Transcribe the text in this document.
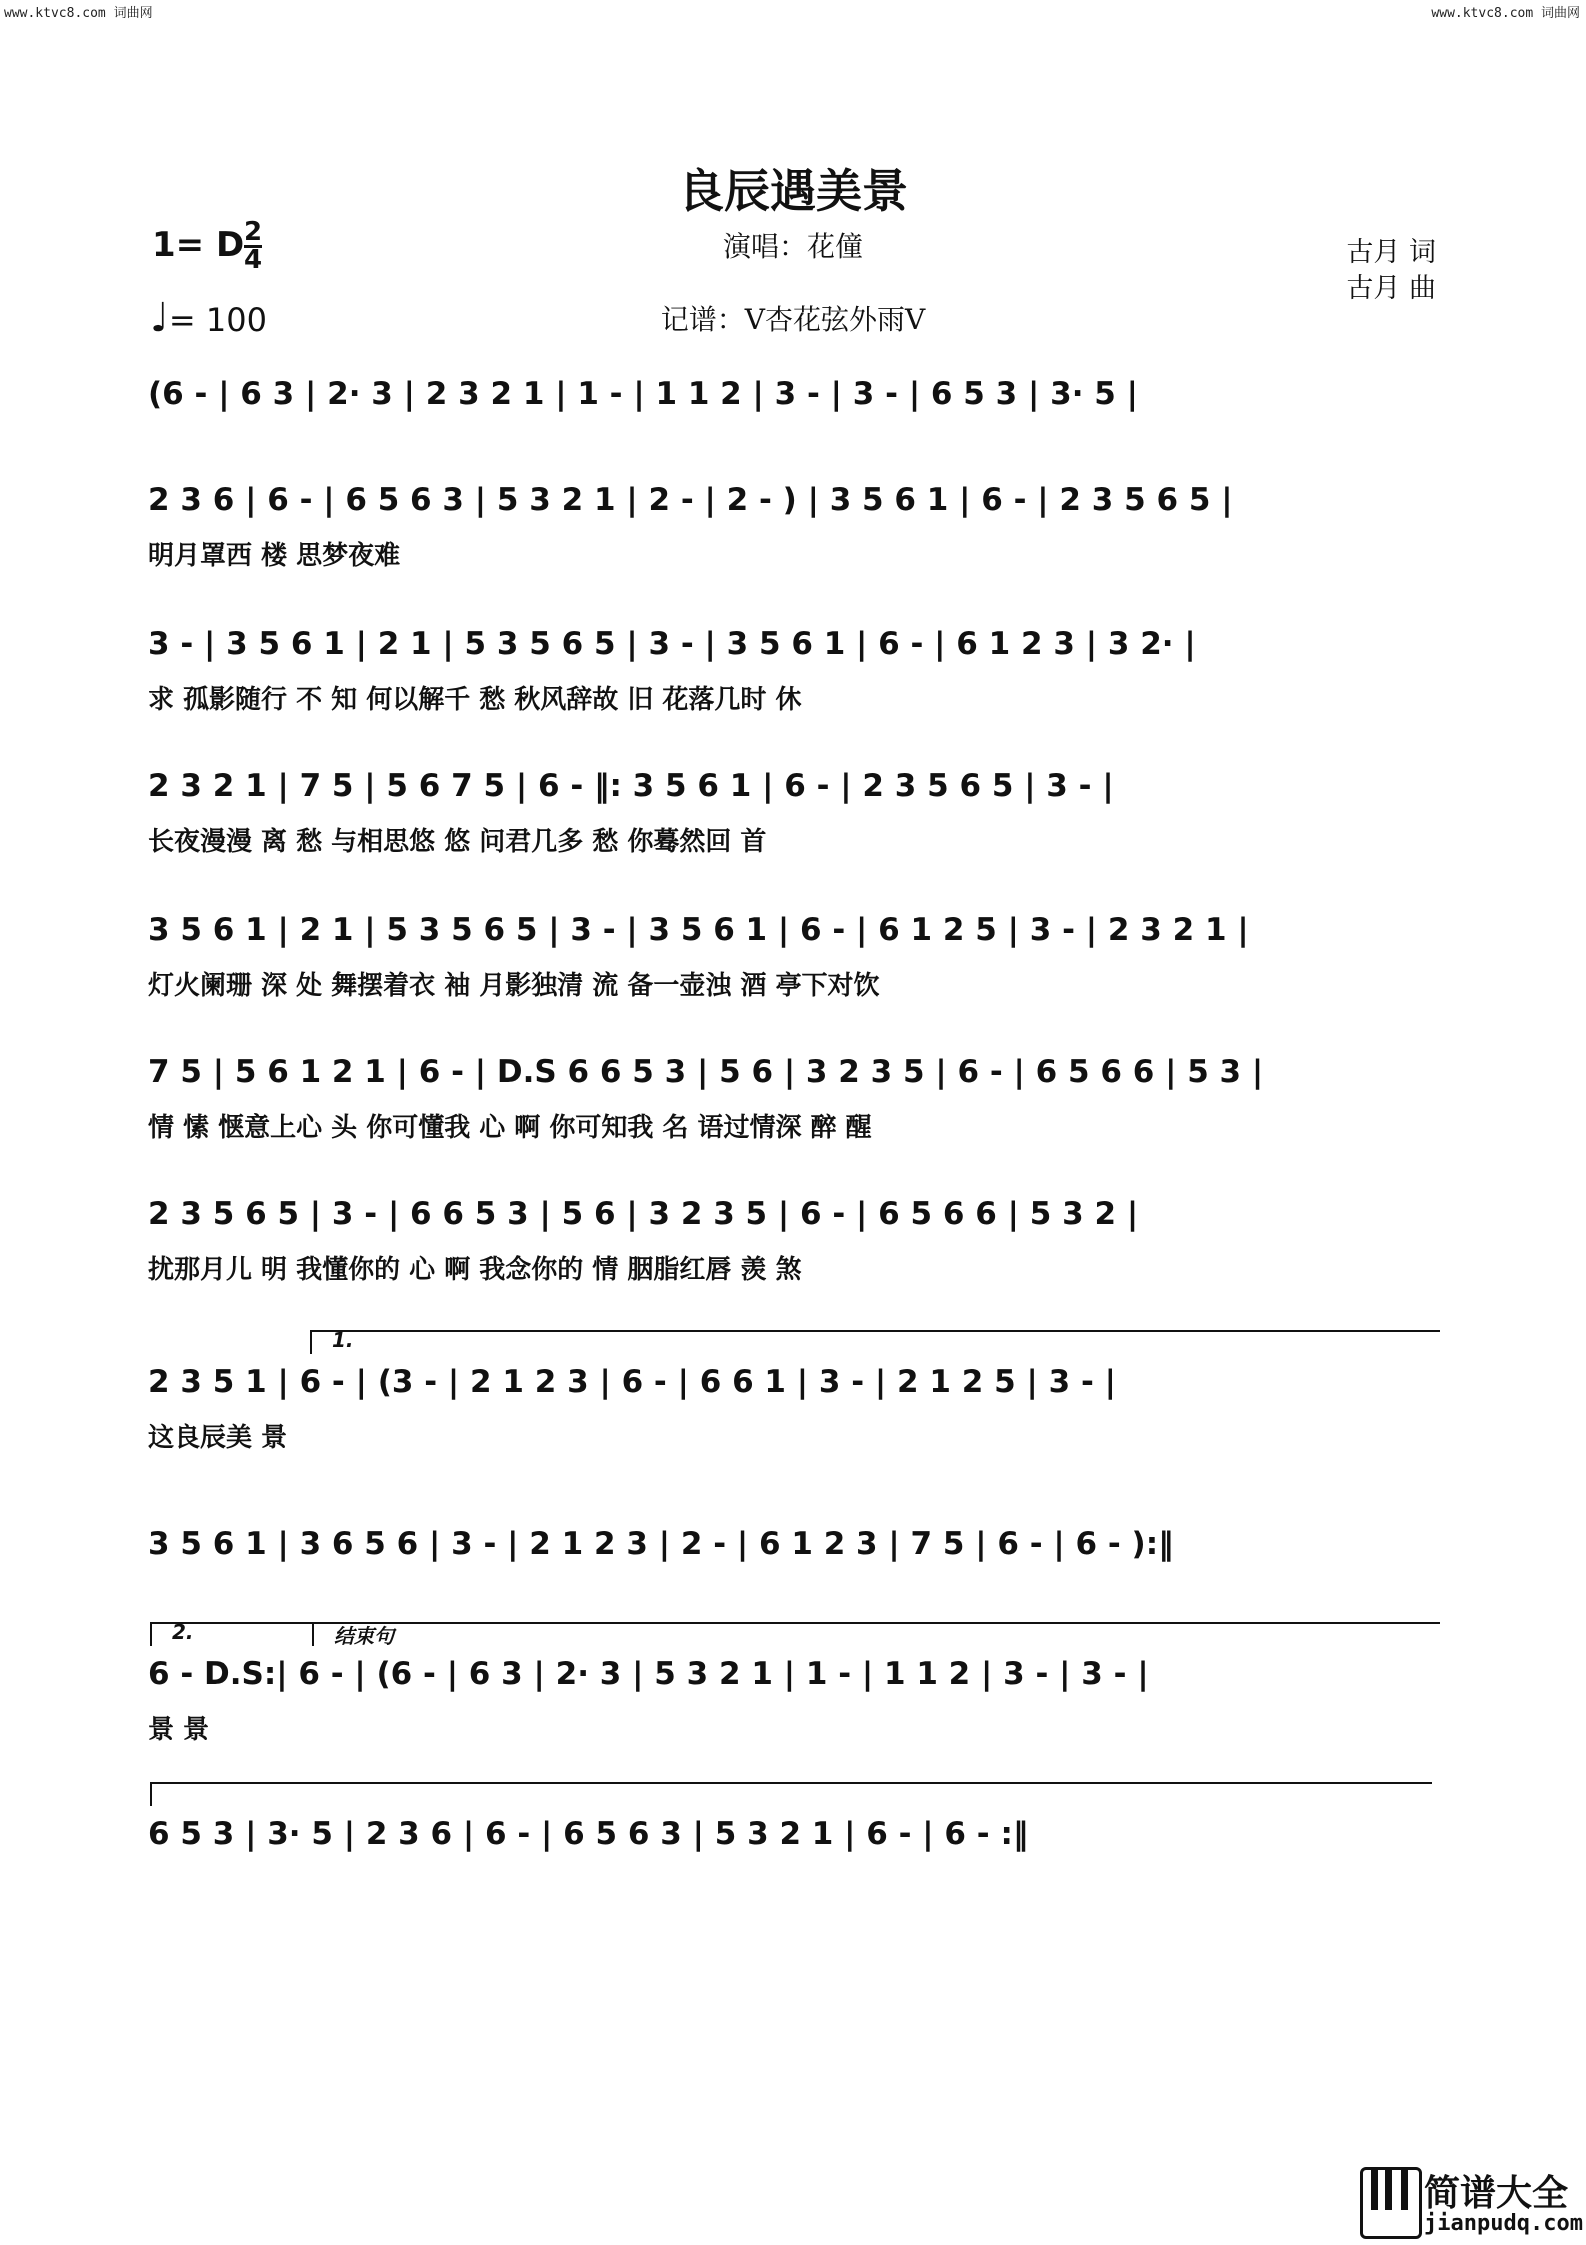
www.ktvc8.com 词曲网	www.ktvc8.com 词曲网
良辰遇美景
演唱：花僮
记谱：V杏花弦外雨V
1= D 2
4
♩= 100
古月 词
古月 曲
(6 - | 6 3 | 2· 3 | 2 3 2 1 | 1 - | 1 1 2 | 3 - | 3 - | 6 5 3 | 3· 5 |
2 3 6 | 6 - | 6 5 6 3 | 5 3 2 1 | 2 - | 2 - ) | 3 5 6 1 | 6 - | 2 3 5 6 5 |
明月罩西 楼 思梦夜难
3 - | 3 5 6 1 | 2 1 | 5 3 5 6 5 | 3 - | 3 5 6 1 | 6 - | 6 1 2 3 | 3 2· |
求 孤影随行 不 知 何以解千 愁 秋风辞故 旧 花落几时 休
2 3 2 1 | 7 5 | 5 6 7 5 | 6 - ‖: 3 5 6 1 | 6 - | 2 3 5 6 5 | 3 - |
长夜漫漫 离 愁 与相思悠 悠 问君几多 愁 你蓦然回 首
3 5 6 1 | 2 1 | 5 3 5 6 5 | 3 - | 3 5 6 1 | 6 - | 6 1 2 5 | 3 - | 2 3 2 1 |
灯火阑珊 深 处 舞摆着衣 袖 月影独清 流 备一壶浊 酒 亭下对饮
7 5 | 5 6 1 2 1 | 6 - | D.S 6 6 5 3 | 5 6 | 3 2 3 5 | 6 - | 6 5 6 6 | 5 3 |
情 愫 惬意上心 头 你可懂我 心 啊 你可知我 名 语过情深 醉 醒
2 3 5 6 5 | 3 - | 6 6 5 3 | 5 6 | 3 2 3 5 | 6 - | 6 5 6 6 | 5 3 2 |
扰那月儿 明 我懂你的 心 啊 我念你的 情 胭脂红唇 羡 煞
1.
2 3 5 1 | 6 - | (3 - | 2 1 2 3 | 6 - | 6 6 1 | 3 - | 2 1 2 5 | 3 - |
这良辰美 景
3 5 6 1 | 3 6 5 6 | 3 - | 2 1 2 3 | 2 - | 6 1 2 3 | 7 5 | 6 - | 6 - ):‖
2.	结束句
6 - D.S:| 6 - | (6 - | 6 3 | 2· 3 | 5 3 2 1 | 1 - | 1 1 2 | 3 - | 3 - |
景 景
6 5 3 | 3· 5 | 2 3 6 | 6 - | 6 5 6 3 | 5 3 2 1 | 6 - | 6 - :‖
简谱大全
jianpudq.com
